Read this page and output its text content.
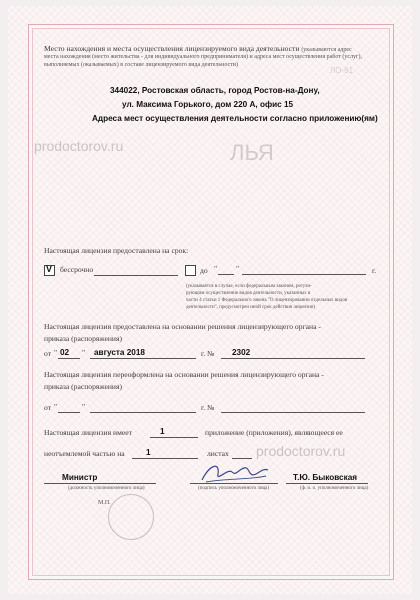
Место нахождения и места осуществления лицензируемого вида деятельности (указываются адрес
места нахождения (место жительства - для индивидуального предпринимателя) и адреса мест осуществления работ (услуг),
выполняемых (оказываемых) в составе лицензируемого вида деятельности)
ЛО-61
344022, Ростовская область, город Ростов-на-Дону,
ул. Максима Горького, дом 220 А, офис 15
Адреса мест осуществления деятельности согласно приложению(ям)
prodoctorov.ru	ЛЬЯ
Настоящая лицензия предоставлена на срок:
V бессрочно	до " "	г.
(указывается в случае, если федеральным законом, регули-
рующим осуществление видов деятельности, указанных в
части 4 статьи 1 Федерального закона "О лицензировании отдельных видов
деятельности", предусмотрен иной срок действия лицензии)
Настоящая лицензия предоставлена на основании решения лицензирующего органа -
приказа (распоряжения)
от " 02 " августа 2018	г. № 2302
Настоящая лицензия переоформлена на основании решения лицензирующего органа -
приказа (распоряжения)
от "	"	г. №
Настоящая лицензия имеет	1	приложение (приложения), являющееся ее
prodoctorov.ru
неотъемлемой частью на	1	листах
Министр
(должность уполномоченного лица)	(подпись уполномоченного лица)
Т.Ю. Быковская
(ф. и. о. уполномоченного лица)
М.П.
